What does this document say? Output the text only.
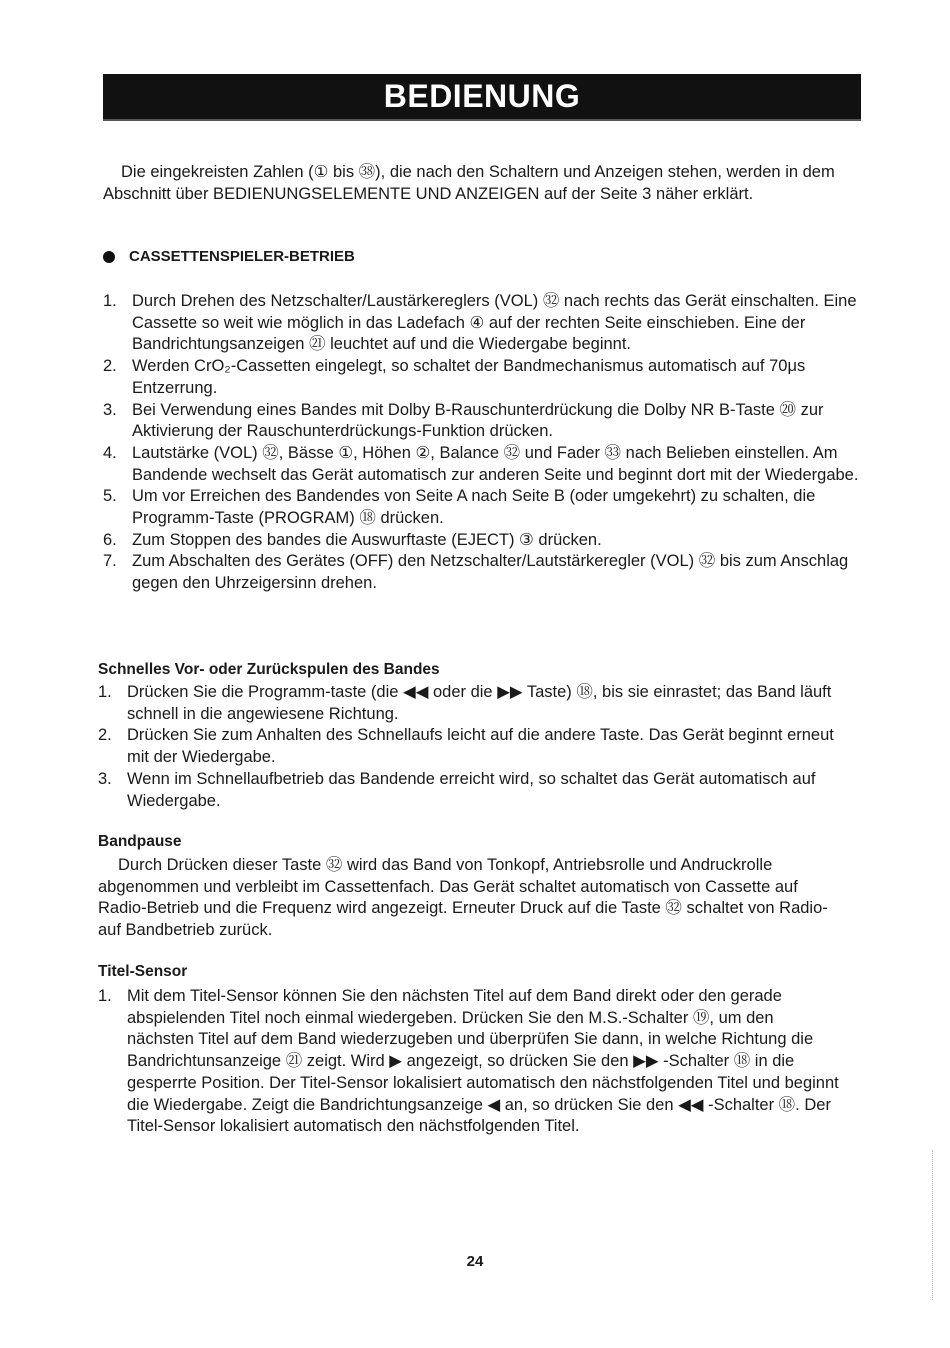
BEDIENUNG

Die eingekreisten Zahlen (① bis ㊳), die nach den Schaltern und Anzeigen stehen, werden in dem Abschnitt über BEDIENUNGSELEMENTE UND ANZEIGEN auf der Seite 3 näher erklärt.

CASSETTENSPIELER-BETRIEB
1. Durch Drehen des Netzschalter/Laustärkereglers (VOL) ㉜ nach rechts das Gerät einschalten. Eine Cassette so weit wie möglich in das Ladefach ④ auf der rechten Seite einschieben. Eine der Bandrichtungsanzeigen ㉑ leuchtet auf und die Wiedergabe beginnt.
2. Werden CrO₂-Cassetten eingelegt, so schaltet der Bandmechanismus automatisch auf 70μs Entzerrung.
3. Bei Verwendung eines Bandes mit Dolby B-Rauschunterdrückung die Dolby NR B-Taste ⑳ zur Aktivierung der Rauschunterdrückungs-Funktion drücken.
4. Lautstärke (VOL) ㉜, Bässe ①, Höhen ②, Balance ㉜ und Fader ㉝ nach Belieben einstellen. Am Bandende wechselt das Gerät automatisch zur anderen Seite und beginnt dort mit der Wiedergabe.
5. Um vor Erreichen des Bandendes von Seite A nach Seite B (oder umgekehrt) zu schalten, die Programm-Taste (PROGRAM) ⑱ drücken.
6. Zum Stoppen des bandes die Auswurftaste (EJECT) ③ drücken.
7. Zum Abschalten des Gerätes (OFF) den Netzschalter/Lautstärkeregler (VOL) ㉜ bis zum Anschlag gegen den Uhrzeigersinn drehen.
Schnelles Vor- oder Zurückspulen des Bandes
1. Drücken Sie die Programm-taste (die ◀◀ oder die ▶▶ Taste) ⑱, bis sie einrastet; das Band läuft schnell in die angewiesene Richtung.
2. Drücken Sie zum Anhalten des Schnellaufs leicht auf die andere Taste. Das Gerät beginnt erneut mit der Wiedergabe.
3. Wenn im Schnellaufbetrieb das Bandende erreicht wird, so schaltet das Gerät automatisch auf Wiedergabe.
Bandpause

Durch Drücken dieser Taste ㉜ wird das Band von Tonkopf, Antriebsrolle und Andruckrolle abgenommen und verbleibt im Cassettenfach. Das Gerät schaltet automatisch von Cassette auf Radio-Betrieb und die Frequenz wird angezeigt. Erneuter Druck auf die Taste ㉜ schaltet von Radio- auf Bandbetrieb zurück.

Titel-Sensor
1. Mit dem Titel-Sensor können Sie den nächsten Titel auf dem Band direkt oder den gerade abspielenden Titel noch einmal wiedergeben. Drücken Sie den M.S.-Schalter ⑲, um den nächsten Titel auf dem Band wiederzugeben und überprüfen Sie dann, in welche Richtung die Bandrichtunsanzeige ㉑ zeigt. Wird ▶ angezeigt, so drücken Sie den ▶▶ -Schalter ⑱ in die gesperrte Position. Der Titel-Sensor lokalisiert automatisch den nächstfolgenden Titel und beginnt die Wiedergabe. Zeigt die Bandrichtungsanzeige ◀ an, so drücken Sie den ◀◀ -Schalter ⑱. Der Titel-Sensor lokalisiert automatisch den nächstfolgenden Titel.
24
